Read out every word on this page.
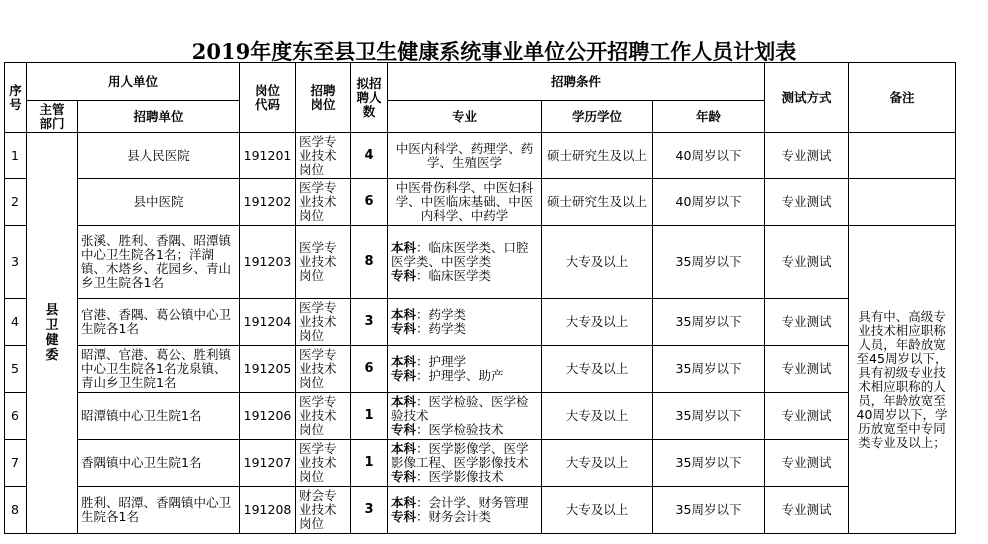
2019年度东至县卫生健康系统事业单位公开招聘工作人员计划表
序号	用人单位		岗位代码	招聘岗位	拟招聘人数	招聘条件			测试方式	备注
	主管部门	招聘单位				专业	学历学位	年龄		
1	县卫健委	县人民医院	191201	医学专业技术岗位	4	中医内科学、药理学、药学、生殖医学	硕士研究生及以上	40周岁以下	专业测试	
2		县中医院	191202	医学专业技术岗位	6	中医骨伤科学、中医妇科学、中医临床基础、中医内科学、中药学	硕士研究生及以上	40周岁以下	专业测试	
3		张溪、胜利、香隅、昭潭镇中心卫生院各1名；洋湖镇、木塔乡、花园乡、青山乡卫生院各1名	191203	医学专业技术岗位	8	本科：临床医学类、口腔医学类、中医学类
专科：临床医学类	大专及以上	35周岁以下	专业测试	具有中、高级专业技术相应职称人员，年龄放宽至45周岁以下，具有初级专业技术相应职称的人员，年龄放宽至40周岁以下，学历放宽至中专同类专业及以上；
4		官港、香隅、葛公镇中心卫生院各1名	191204	医学专业技术岗位	3	本科：药学类
专科：药学类	大专及以上	35周岁以下	专业测试	
5		昭潭、官港、葛公、胜利镇中心卫生院各1名龙泉镇、青山乡卫生院1名	191205	医学专业技术岗位	6	本科：护理学
专科：护理学、助产	大专及以上	35周岁以下	专业测试	
6		昭潭镇中心卫生院1名	191206	医学专业技术岗位	1	本科：医学检验、医学检验技术
专科：医学检验技术	大专及以上	35周岁以下	专业测试	
7		香隅镇中心卫生院1名	191207	医学专业技术岗位	1	本科：医学影像学、医学影像工程、医学影像技术
专科：医学影像技术	大专及以上	35周岁以下	专业测试	
8		胜利、昭潭、香隅镇中心卫生院各1名	191208	财会专业技术岗位	3	本科：会计学、财务管理
专科：财务会计类	大专及以上	35周岁以下	专业测试	
